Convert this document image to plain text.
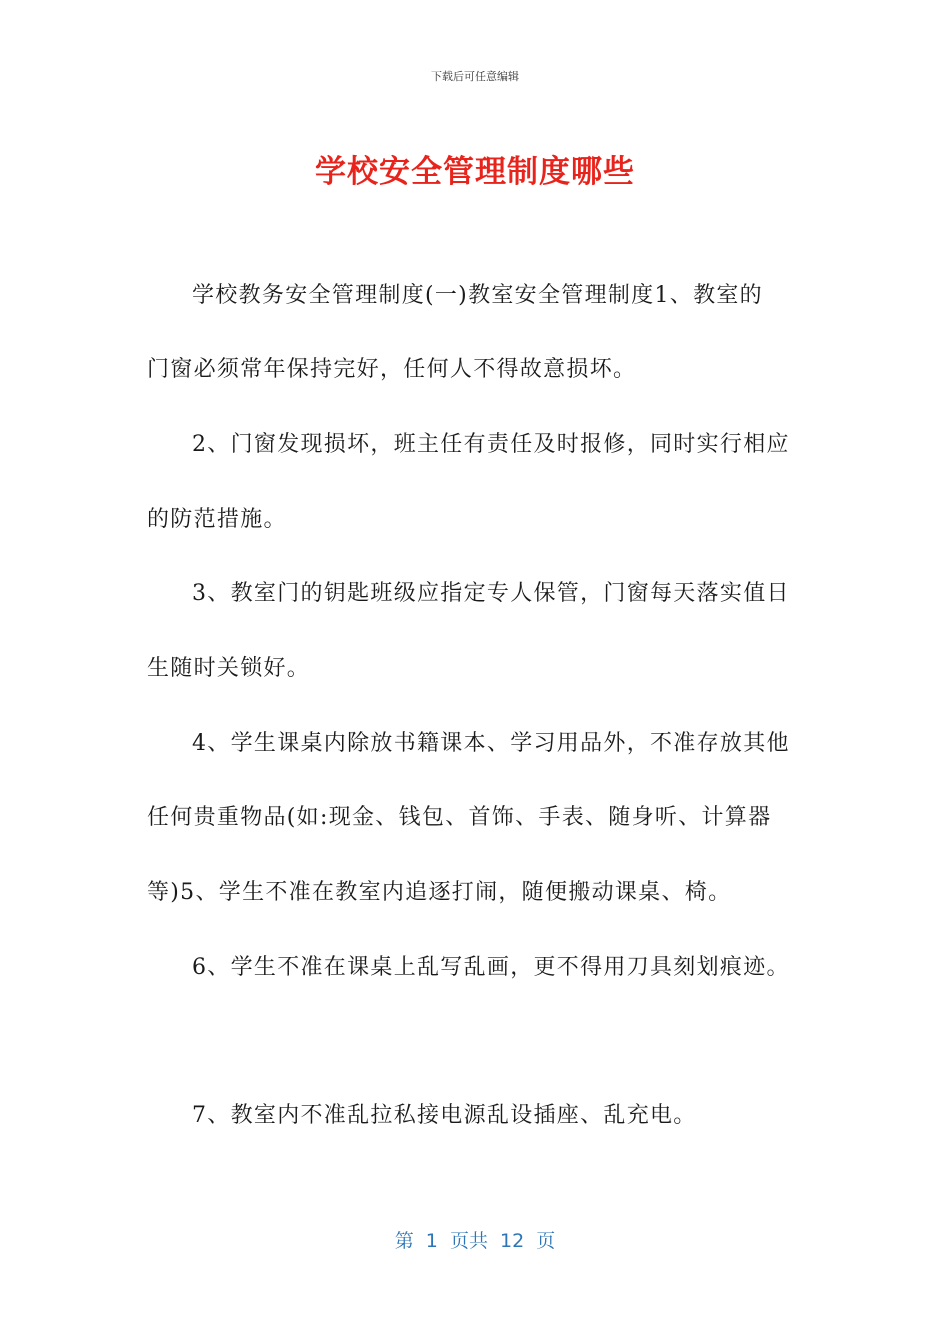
下载后可任意编辑
学校安全管理制度哪些
学校教务安全管理制度(一)教室安全管理制度1、教室的
门窗必须常年保持完好，任何人不得故意损坏。
2、门窗发现损坏，班主任有责任及时报修，同时实行相应
的防范措施。
3、教室门的钥匙班级应指定专人保管，门窗每天落实值日
生随时关锁好。
4、学生课桌内除放书籍课本、学习用品外，不准存放其他
任何贵重物品(如:现金、钱包、首饰、手表、随身听、计算器
等)5、学生不准在教室内追逐打闹，随便搬动课桌、椅。
6、学生不准在课桌上乱写乱画，更不得用刀具刻划痕迹。
7、教室内不准乱拉私接电源乱设插座、乱充电。
第  1  页共  12  页
